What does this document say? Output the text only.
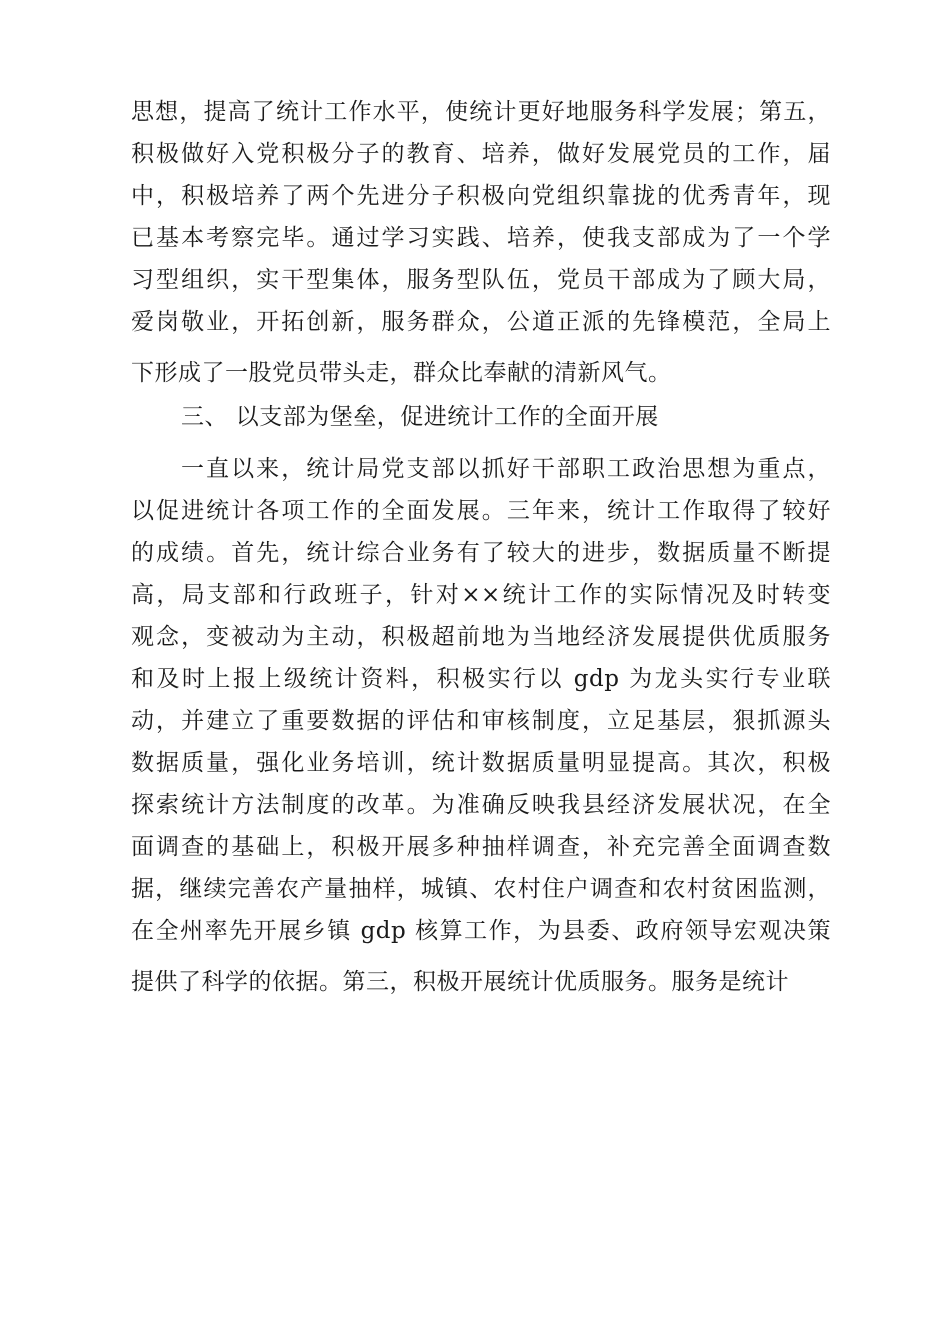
思想，提高了统计工作水平，使统计更好地服务科学发展；第五，
积极做好入党积极分子的教育、培养，做好发展党员的工作，届
中，积极培养了两个先进分子积极向党组织靠拢的优秀青年，现
已基本考察完毕。通过学习实践、培养，使我支部成为了一个学
习型组织，实干型集体，服务型队伍，党员干部成为了顾大局，
爱岗敬业，开拓创新，服务群众，公道正派的先锋模范，全局上
下形成了一股党员带头走，群众比奉献的清新风气。
三、 以支部为堡垒，促进统计工作的全面开展
一直以来，统计局党支部以抓好干部职工政治思想为重点，
以促进统计各项工作的全面发展。三年来，统计工作取得了较好
的成绩。首先，统计综合业务有了较大的进步，数据质量不断提
高，局支部和行政班子，针对××统计工作的实际情况及时转变
观念，变被动为主动，积极超前地为当地经济发展提供优质服务
和及时上报上级统计资料，积极实行以 gdp 为龙头实行专业联
动，并建立了重要数据的评估和审核制度，立足基层，狠抓源头
数据质量，强化业务培训，统计数据质量明显提高。其次，积极
探索统计方法制度的改革。为准确反映我县经济发展状况，在全
面调查的基础上，积极开展多种抽样调查，补充完善全面调查数
据，继续完善农产量抽样，城镇、农村住户调查和农村贫困监测，
在全州率先开展乡镇 gdp 核算工作，为县委、政府领导宏观决策
提供了科学的依据。第三，积极开展统计优质服务。服务是统计
